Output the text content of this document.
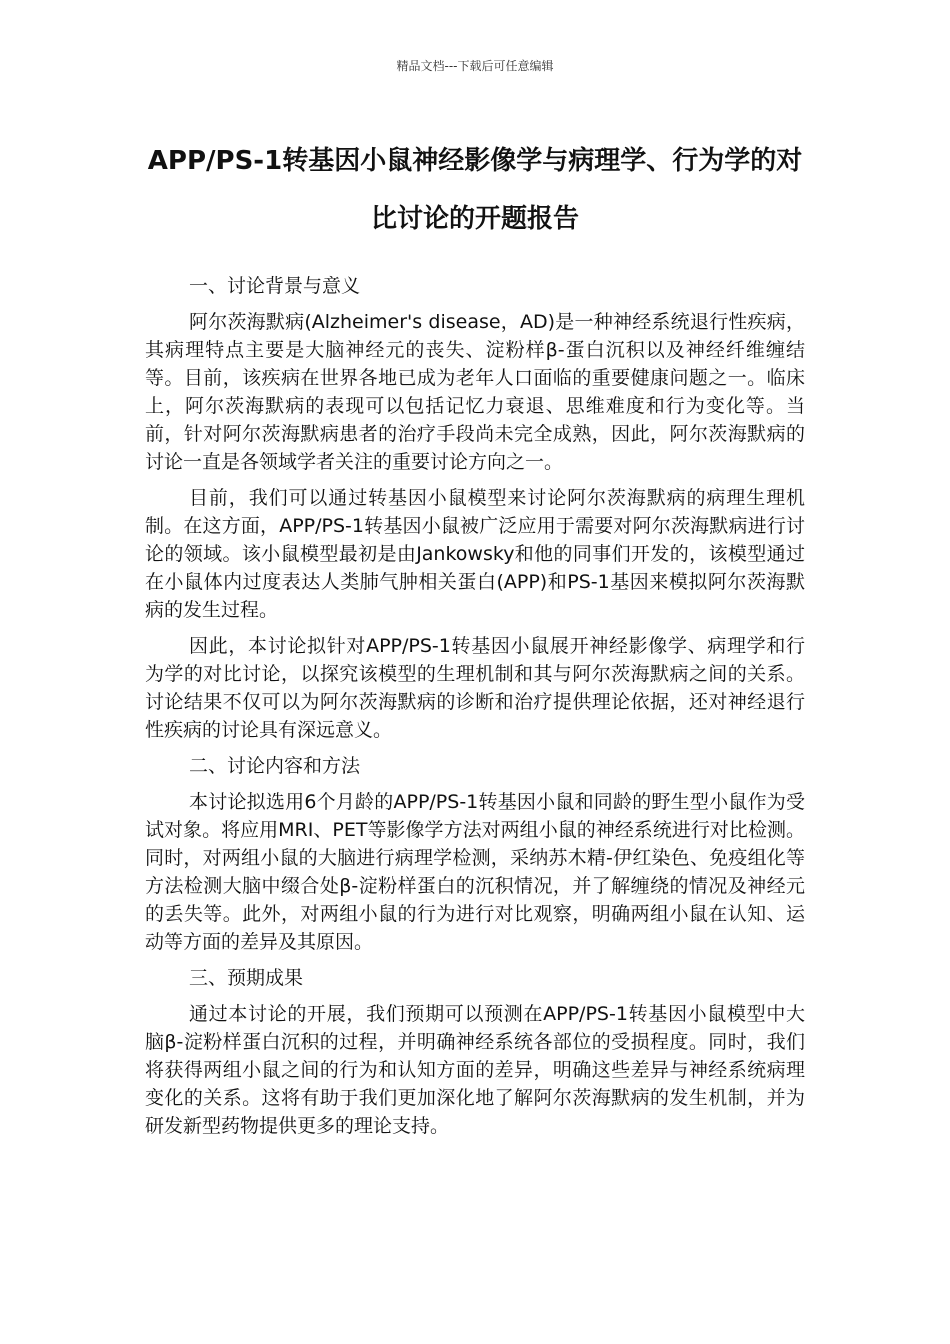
精品文档---下载后可任意编辑
APP/PS-1转基因小鼠神经影像学与病理学、行为学的对比讨论的开题报告

一、讨论背景与意义

阿尔茨海默病(Alzheimer's disease，AD)是一种神经系统退行性疾病，其病理特点主要是大脑神经元的丧失、淀粉样β-蛋白沉积以及神经纤维缠结等。目前，该疾病在世界各地已成为老年人口面临的重要健康问题之一。临床上，阿尔茨海默病的表现可以包括记忆力衰退、思维难度和行为变化等。当前，针对阿尔茨海默病患者的治疗手段尚未完全成熟，因此，阿尔茨海默病的讨论一直是各领域学者关注的重要讨论方向之一。

目前，我们可以通过转基因小鼠模型来讨论阿尔茨海默病的病理生理机制。在这方面，APP/PS-1转基因小鼠被广泛应用于需要对阿尔茨海默病进行讨论的领域。该小鼠模型最初是由Jankowsky和他的同事们开发的，该模型通过在小鼠体内过度表达人类肺气肿相关蛋白(APP)和PS-1基因来模拟阿尔茨海默病的发生过程。

因此，本讨论拟针对APP/PS-1转基因小鼠展开神经影像学、病理学和行为学的对比讨论，以探究该模型的生理机制和其与阿尔茨海默病之间的关系。讨论结果不仅可以为阿尔茨海默病的诊断和治疗提供理论依据，还对神经退行性疾病的讨论具有深远意义。

二、讨论内容和方法

本讨论拟选用6个月龄的APP/PS-1转基因小鼠和同龄的野生型小鼠作为受试对象。将应用MRI、PET等影像学方法对两组小鼠的神经系统进行对比检测。同时，对两组小鼠的大脑进行病理学检测，采纳苏木精-伊红染色、免疫组化等方法检测大脑中缀合处β-淀粉样蛋白的沉积情况，并了解缠绕的情况及神经元的丢失等。此外，对两组小鼠的行为进行对比观察，明确两组小鼠在认知、运动等方面的差异及其原因。

三、预期成果

通过本讨论的开展，我们预期可以预测在APP/PS-1转基因小鼠模型中大脑β-淀粉样蛋白沉积的过程，并明确神经系统各部位的受损程度。同时，我们将获得两组小鼠之间的行为和认知方面的差异，明确这些差异与神经系统病理变化的关系。这将有助于我们更加深化地了解阿尔茨海默病的发生机制，并为研发新型药物提供更多的理论支持。
